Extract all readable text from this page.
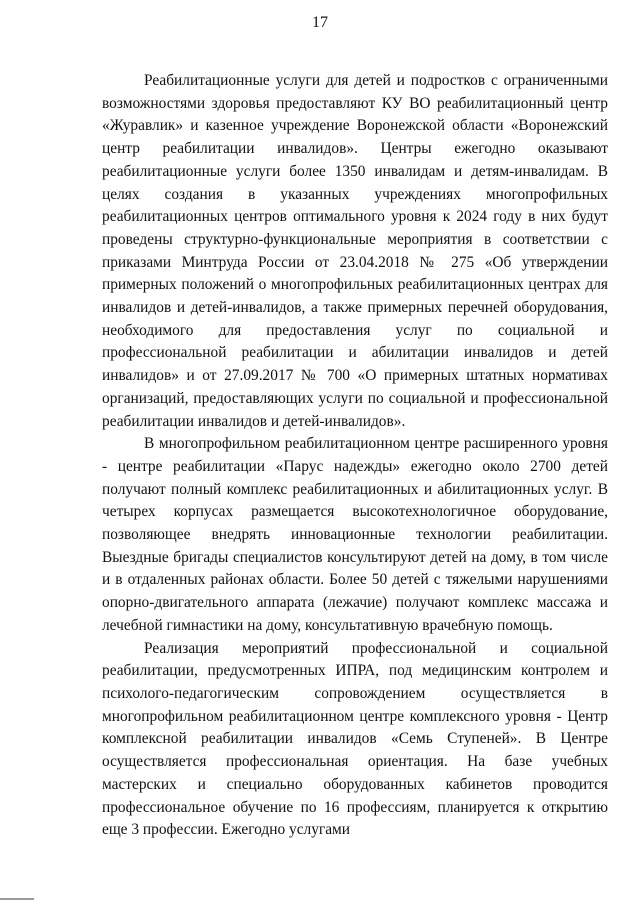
17

Реабилитационные услуги для детей и подростков с ограниченными возможностями здоровья предоставляют КУ ВО реабилитационный центр «Журавлик» и казенное учреждение Воронежской области «Воронежский центр реабилитации инвалидов». Центры ежегодно оказывают реабилитационные услуги более 1350 инвалидам и детям-инвалидам. В целях создания в указанных учреждениях многопрофильных реабилитационных центров оптимального уровня к 2024 году в них будут проведены структурно-функциональные мероприятия в соответствии с приказами Минтруда России от 23.04.2018 № 275 «Об утверждении примерных положений о многопрофильных реабилитационных центрах для инвалидов и детей-инвалидов, а также примерных перечней оборудования, необходимого для предоставления услуг по социальной и профессиональной реабилитации и абилитации инвалидов и детей инвалидов» и от 27.09.2017 № 700 «О примерных штатных нормативах организаций, предоставляющих услуги по социальной и профессиональной реабилитации инвалидов и детей-инвалидов».

В многопрофильном реабилитационном центре расширенного уровня - центре реабилитации «Парус надежды» ежегодно около 2700 детей получают полный комплекс реабилитационных и абилитационных услуг. В четырех корпусах размещается высокотехнологичное оборудование, позволяющее внедрять инновационные технологии реабилитации. Выездные бригады специалистов консультируют детей на дому, в том числе и в отдаленных районах области. Более 50 детей с тяжелыми нарушениями опорно-двигательного аппарата (лежачие) получают комплекс массажа и лечебной гимнастики на дому, консультативную врачебную помощь.

Реализация мероприятий профессиональной и социальной реабилитации, предусмотренных ИПРА, под медицинским контролем и психолого-педагогическим сопровождением осуществляется в многопрофильном реабилитационном центре комплексного уровня - Центр комплексной реабилитации инвалидов «Семь Ступеней». В Центре осуществляется профессиональная ориентация. На базе учебных мастерских и специально оборудованных кабинетов проводится профессиональное обучение по 16 профессиям, планируется к открытию еще 3 профессии. Ежегодно услугами
